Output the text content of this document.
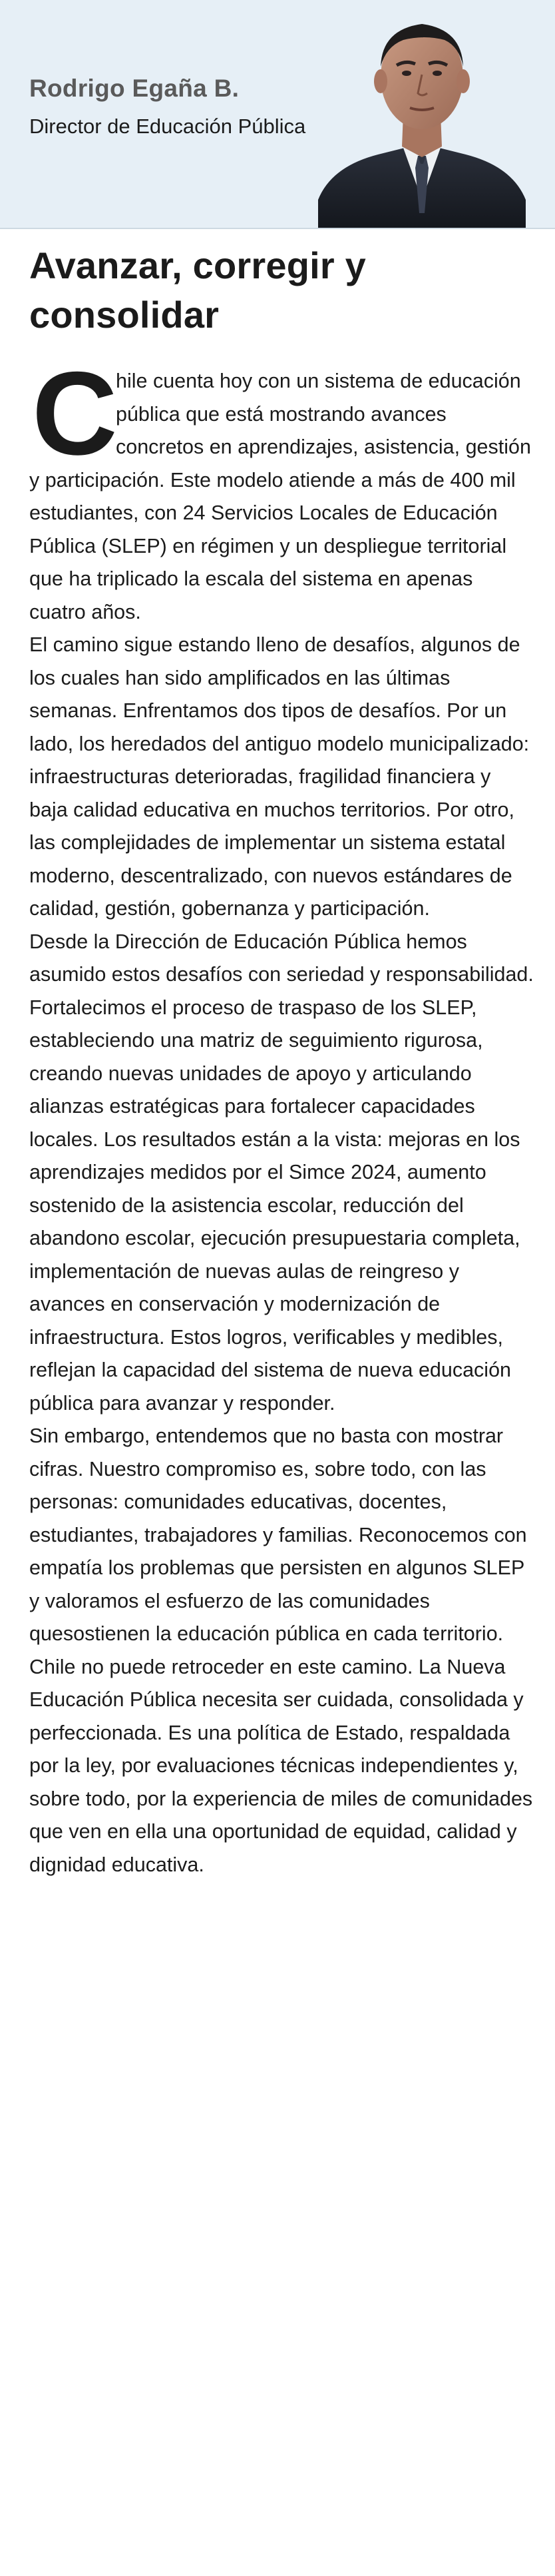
Rodrigo Egaña B.
Director de Educación Pública
Avanzar, corregir y consolidar
C

hile cuenta hoy con un sistema de educación pública que está mostrando avances concretos en aprendizajes, asistencia, gestión y participación. Este modelo atiende a más de 400 mil estudiantes, con 24 Servicios Locales de Educación Pública (SLEP) en régimen y un despliegue territorial que ha triplicado la escala del sistema en apenas cuatro años.

El camino sigue estando lleno de desafíos, algunos de los cuales han sido amplificados en las últimas semanas. Enfrentamos dos tipos de desafíos. Por un lado, los heredados del antiguo modelo municipalizado: infraestructuras deterioradas, fragilidad financiera y baja calidad educativa en muchos territorios. Por otro, las complejidades de implementar un sistema estatal moderno, descentralizado, con nuevos estándares de calidad, gestión, gobernanza y participación.

Desde la Dirección de Educación Pública hemos asumido estos desafíos con seriedad y responsabilidad. Fortalecimos el proceso de traspaso de los SLEP, estableciendo una matriz de seguimiento rigurosa, creando nuevas unidades de apoyo y articulando alianzas estratégicas para fortalecer capacidades locales. Los resultados están a la vista: mejoras en los aprendizajes medidos por el Simce 2024, aumento sostenido de la asistencia escolar, reducción del abandono escolar, ejecución presupuestaria completa, implementación de nuevas aulas de reingreso y avances en conservación y modernización de infraestructura. Estos logros, verificables y medibles, reflejan la capacidad del sistema de nueva educación pública para avanzar y responder.

Sin embargo, entendemos que no basta con mostrar cifras. Nuestro compromiso es, sobre todo, con las personas: comunidades educativas, docentes, estudiantes, trabajadores y familias. Reconocemos con empatía los problemas que persisten en algunos SLEP y valoramos el esfuerzo de las comunidades quesostienen la educación pública en cada territorio.

Chile no puede retroceder en este camino. La Nueva Educación Pública necesita ser cuidada, consolidada y perfeccionada. Es una política de Estado, respaldada por la ley, por evaluaciones técnicas independientes y, sobre todo, por la experiencia de miles de comunidades que ven en ella una oportunidad de equidad, calidad y dignidad educativa.
